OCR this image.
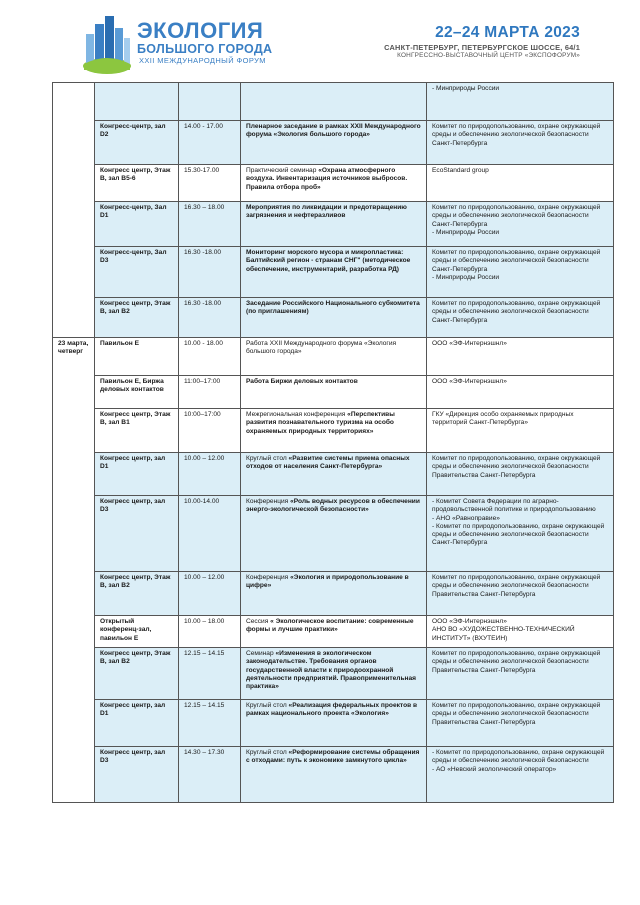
ЭКОЛОГИЯ

БОЛЬШОГО ГОРОДА

XXII МЕЖДУНАРОДНЫЙ ФОРУМ

22–24 МАРТА 2023

САНКТ-ПЕТЕРБУРГ, ПЕТЕРБУРГСКОЕ ШОССЕ, 64/1

КОНГРЕССНО-ВЫСТАВОЧНЫЙ ЦЕНТР «ЭКСПОФОРУМ»

				- Минприроды России
	Конгресс-центр, зал D2	14.00 - 17.00	Пленарное заседание в рамках XXII Международного форума «Экология большого города»	Комитет по природопользованию, охране окружающей среды и обеспечению экологической безопасности Санкт-Петербурга
	Конгресс центр, Этаж B, зал B5-6	15.30-17.00	Практический семинар «Охрана атмосферного воздуха. Инвентаризация источников выбросов. Правила отбора проб»	EcoStandard group
	Конгресс-центр, Зал D1	16.30 – 18.00	Мероприятия по ликвидации и предотвращению загрязнения и нефтеразливов	Комитет по природопользованию, охране окружающей среды и обеспечению экологической безопасности Санкт-Петербурга
- Минприроды России
	Конгресс-центр, Зал D3	16.30 -18.00	Мониторинг морского мусора и микропластика: Балтийский регион - странам СНГ" (методическое обеспечение, инструментарий, разработка РД)	Комитет по природопользованию, охране окружающей среды и обеспечению экологической безопасности Санкт-Петербурга
- Минприроды России
	Конгресс центр, Этаж B, зал B2	16.30 -18.00	Заседание Российского Национального субкомитета (по приглашениям)	Комитет по природопользованию, охране окружающей среды и обеспечению экологической безопасности Санкт-Петербурга
23 марта, четверг	Павильон Е	10.00 - 18.00	Работа XXII Международного форума «Экология большого города»	ООО «ЭФ-Интернэшнл»
	Павильон Е, Биржа деловых контактов	11:00–17:00	Работа Биржи деловых контактов	ООО «ЭФ-Интернэшнл»
	Конгресс центр, Этаж B, зал B1	10:00–17:00	Межрегиональная конференция «Перспективы развития познавательного туризма на особо охраняемых природных территориях»	ГКУ «Дирекция особо охраняемых природных территорий Санкт-Петербурга»
	Конгресс центр, зал D1	10.00 – 12.00	Круглый стол «Развитие системы приема опасных отходов от населения Санкт-Петербурга»	Комитет по природопользованию, охране окружающей среды и обеспечению экологической безопасности Правительства Санкт-Петербурга
	Конгресс центр, зал D3	10.00-14.00	Конференция «Роль водных ресурсов в обеспечении энерго-экологической безопасности»	- Комитет Совета Федерации по аграрно-продовольственной политике и природопользованию
- АНО «Равноправие»
- Комитет по природопользованию, охране окружающей среды и обеспечению экологической безопасности Санкт-Петербурга
	Конгресс центр, Этаж B, зал B2	10.00 – 12.00	Конференция «Экология и природопользование в цифре»	Комитет по природопользованию, охране окружающей среды и обеспечению экологической безопасности Правительства Санкт-Петербурга
	Открытый конференц-зал, павильон Е	10.00 – 18.00	Сессия « Экологическое воспитание: современные формы и лучшие практики»	ООО «ЭФ-Интернэшнл»
АНО ВО «ХУДОЖЕСТВЕННО-ТЕХНИЧЕСКИЙ ИНСТИТУТ» (ВХУТЕИН)
	Конгресс центр, Этаж B, зал B2	12.15 – 14.15	Семинар «Изменения в экологическом законодательстве. Требования органов государственной власти к природоохранной деятельности предприятий. Правоприменительная практика»	Комитет по природопользованию, охране окружающей среды и обеспечению экологической безопасности Правительства Санкт-Петербурга
	Конгресс центр, зал D1	12.15 – 14.15	Круглый стол «Реализация федеральных проектов в рамках национального проекта «Экология»	Комитет по природопользованию, охране окружающей среды и обеспечению экологической безопасности Правительства Санкт-Петербурга
	Конгресс центр, зал D3	14.30 – 17.30	Круглый стол «Реформирование системы обращения
с отходами: путь к экономике замкнутого цикла»	- Комитет по природопользованию, охране окружающей среды и обеспечению экологической безопасности
- АО «Невский экологический оператор»
